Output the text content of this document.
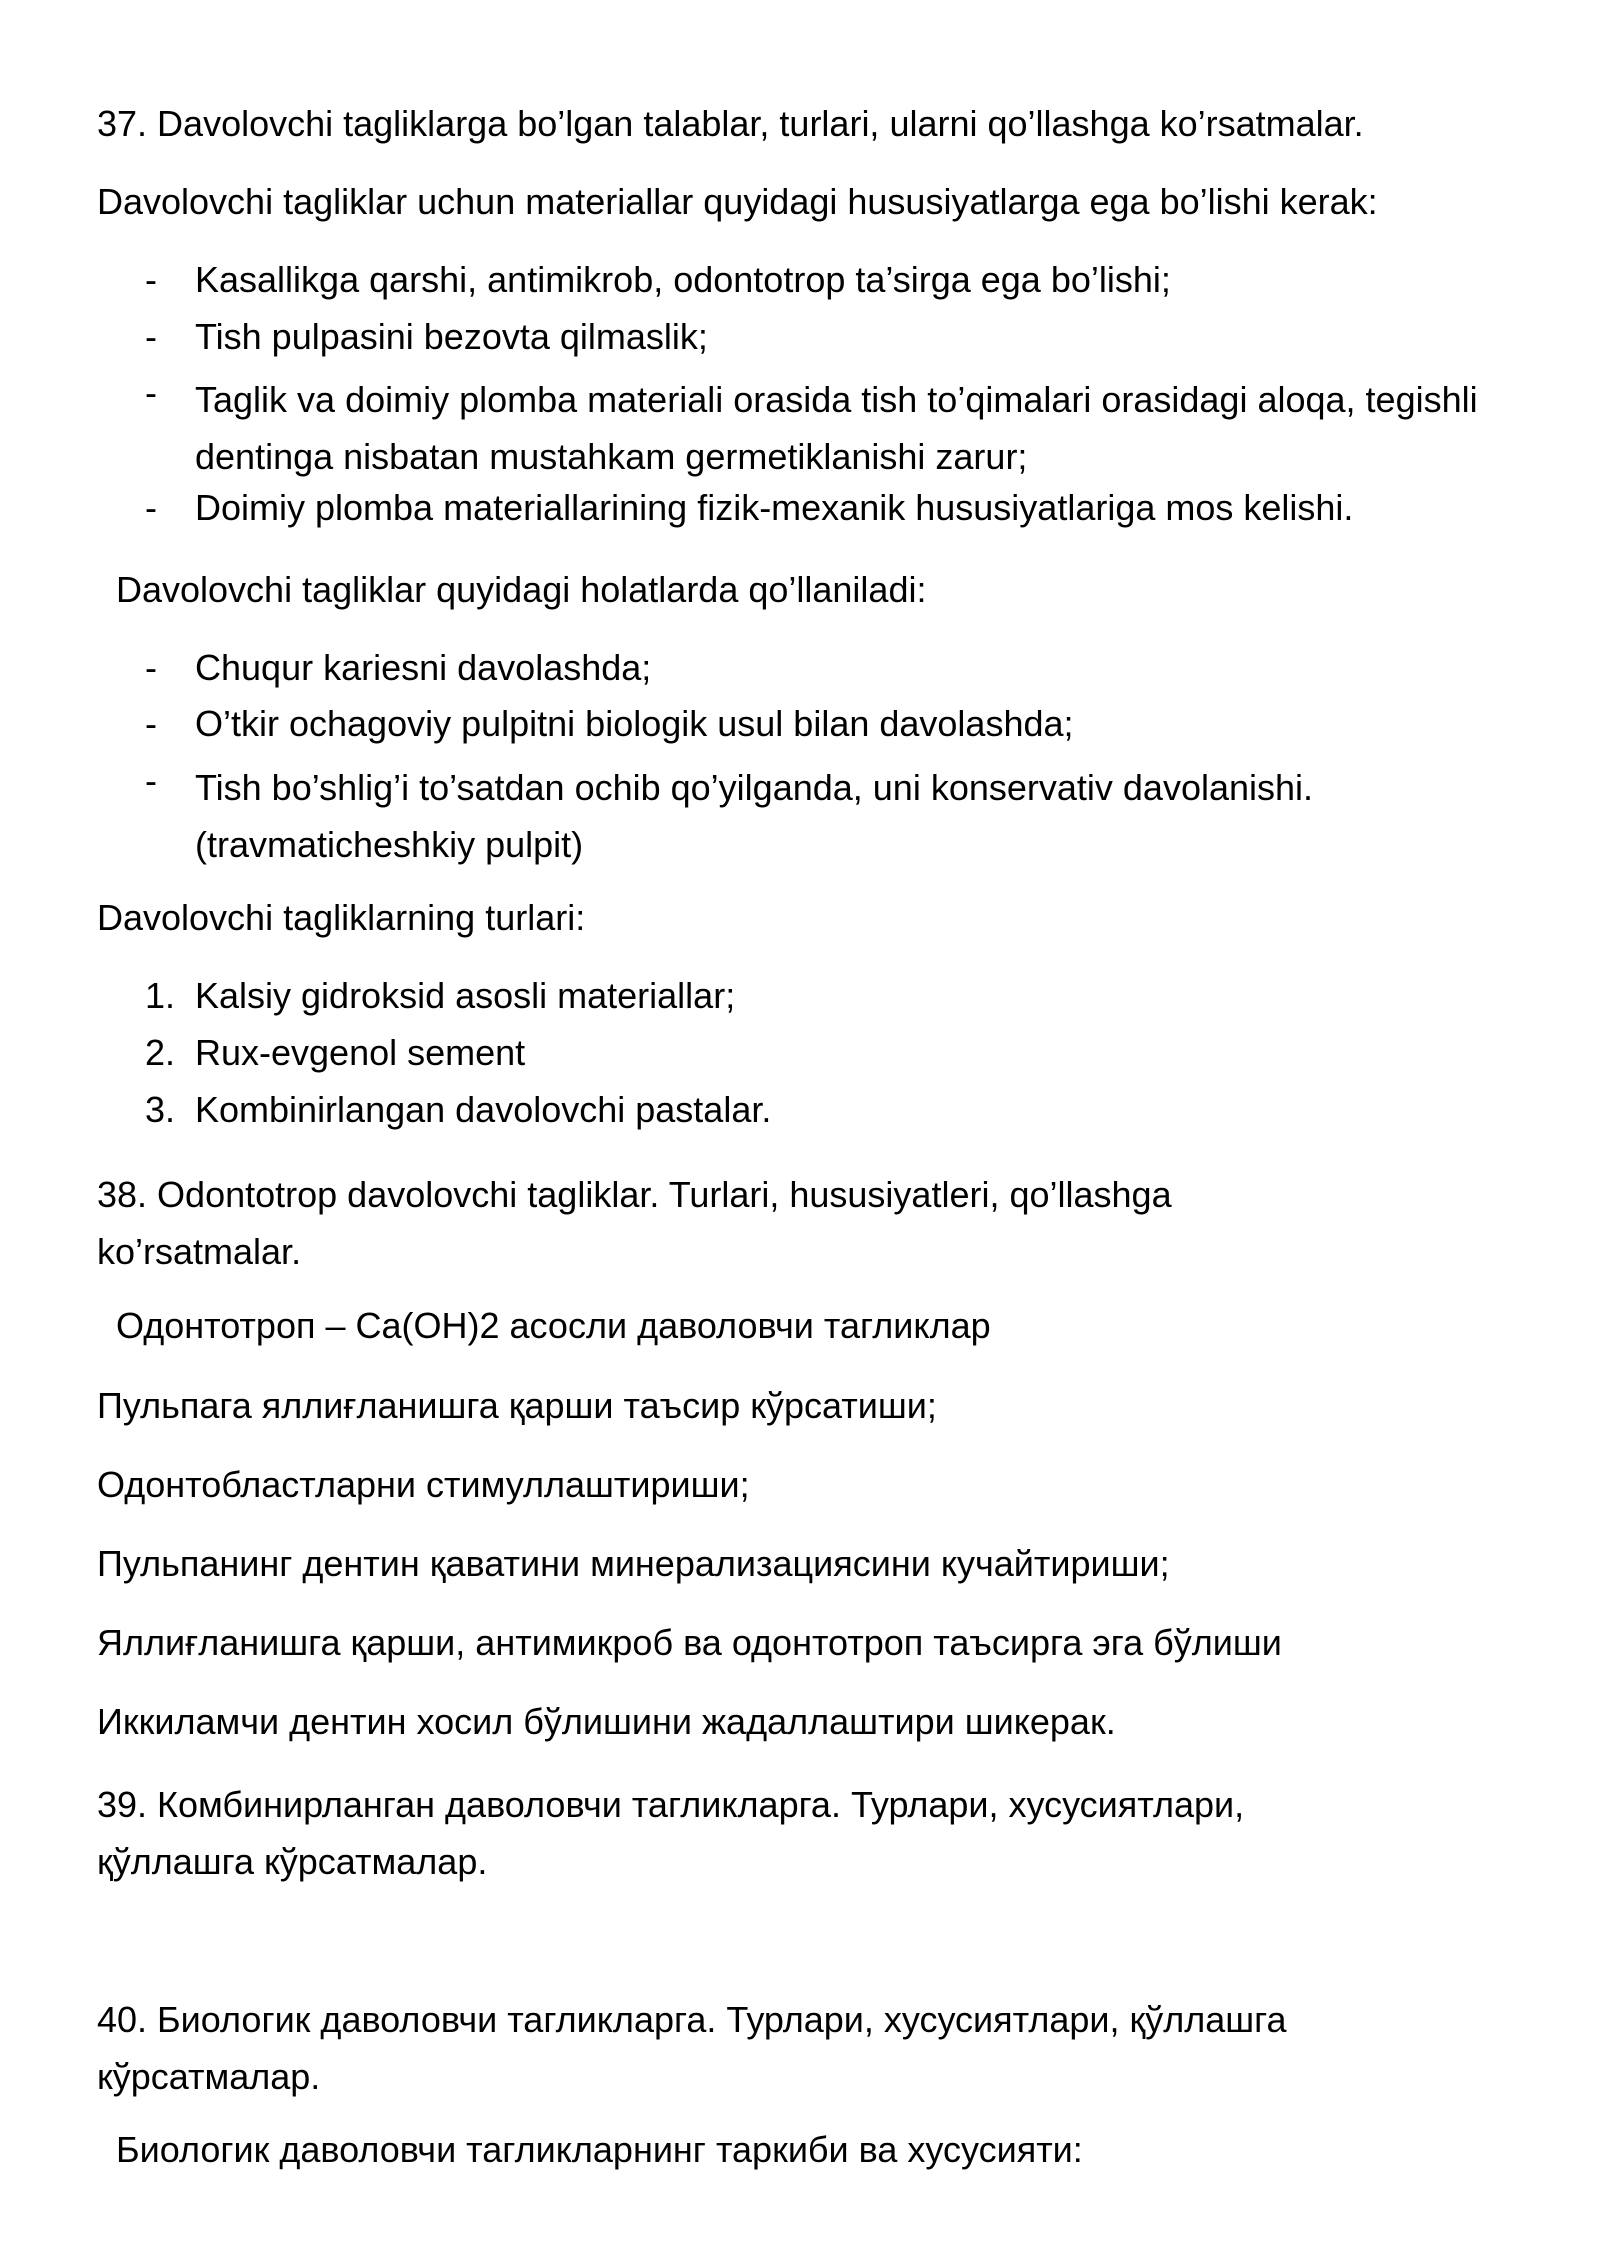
37. Davolovchi tagliklarga bo’lgan talablar, turlari, ularni qo’llashga ko’rsatmalar.
Davolovchi tagliklar uchun materiallar quyidagi hususiyatlarga ega bo’lishi kerak:
-	Kasallikga qarshi, antimikrob, odontotrop ta’sirga ega bo’lishi;
-	Tish pulpasini bezovta qilmaslik;
-	Taglik va doimiy plomba materiali orasida tish to’qimalari orasidagi aloqa, tegishli dentinga nisbatan mustahkam germetiklanishi zarur;
-	Doimiy plomba materiallarining fizik-mexanik hususiyatlariga mos kelishi.
Davolovchi tagliklar quyidagi holatlarda qo’llaniladi:
-	Chuqur kariesni davolashda;
-	O’tkir ochagoviy pulpitni biologik usul bilan davolashda;
-	Tish bo’shlig’i to’satdan ochib qo’yilganda, uni konservativ davolanishi. (travmaticheshkiy pulpit)
Davolovchi tagliklarning turlari:
1. Kalsiy gidroksid asosli materiallar;
2. Rux-evgenol sement
3. Kombinirlangan davolovchi pastalar.
38. Odontotrop davolovchi tagliklar. Turlari, hususiyatleri, qo’llashga ko’rsatmalar.
Одонтотроп – Ca(OH)2 асосли даволовчи тагликлар
Пульпага яллиғланишга қарши таъсир кўрсатиши;
Одонтобластларни стимуллаштириши;
Пульпанинг дентин қаватини минерализациясини кучайтириши;
Яллиғланишга қарши, антимикроб ва одонтотроп таъсирга эга бўлиши
Иккиламчи дентин хосил бўлишини жадаллаштири шикерак.
39. Комбинирланган даволовчи тагликларга. Турлари, хусусиятлари, қўллашга кўрсатмалар.
40. Биологик даволовчи тагликларга. Турлари, хусусиятлари, қўллашга кўрсатмалар.
Биологик даволовчи тагликларнинг таркиби ва хусусияти:
